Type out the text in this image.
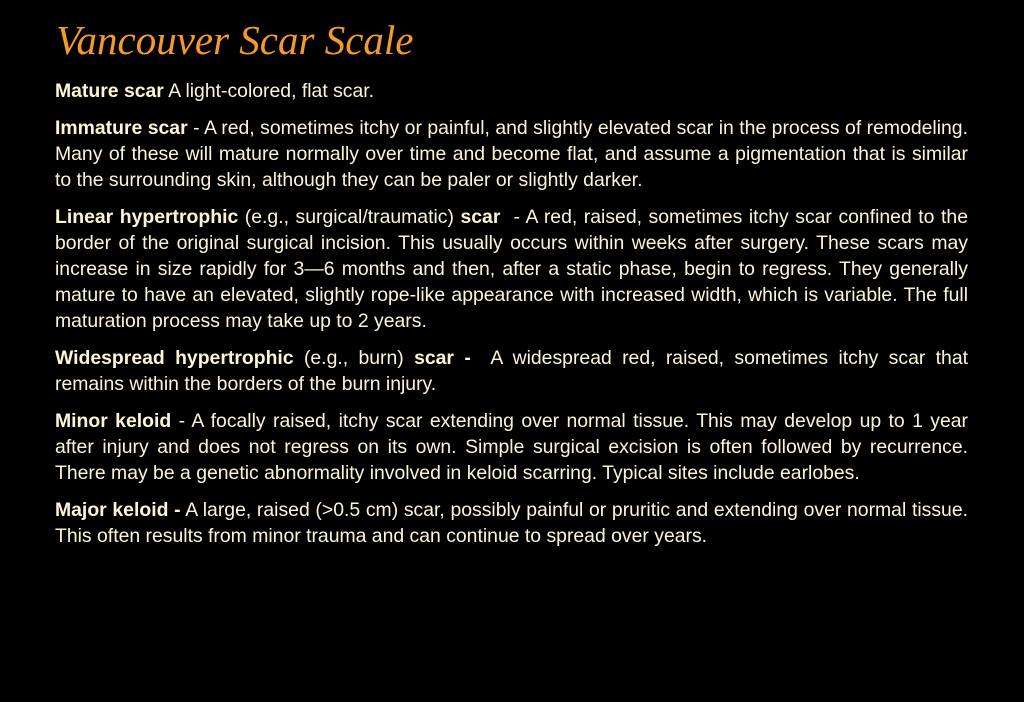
Vancouver Scar Scale

Mature scar A light-colored, flat scar.

Immature scar - A red, sometimes itchy or painful, and slightly elevated scar in the process of remodeling. Many of these will mature normally over time and become flat, and assume a pigmentation that is similar to the surrounding skin, although they can be paler or slightly darker.

Linear hypertrophic (e.g., surgical/traumatic) scar - A red, raised, sometimes itchy scar confined to the border of the original surgical incision. This usually occurs within weeks after surgery. These scars may increase in size rapidly for 3—6 months and then, after a static phase, begin to regress. They generally mature to have an elevated, slightly rope-like appearance with increased width, which is variable. The full maturation process may take up to 2 years.

Widespread hypertrophic (e.g., burn) scar - A widespread red, raised, sometimes itchy scar that remains within the borders of the burn injury.

Minor keloid - A focally raised, itchy scar extending over normal tissue. This may develop up to 1 year after injury and does not regress on its own. Simple surgical excision is often followed by recurrence. There may be a genetic abnormality involved in keloid scarring. Typical sites include earlobes.

Major keloid - A large, raised (>0.5 cm) scar, possibly painful or pruritic and extending over normal tissue. This often results from minor trauma and can continue to spread over years.
